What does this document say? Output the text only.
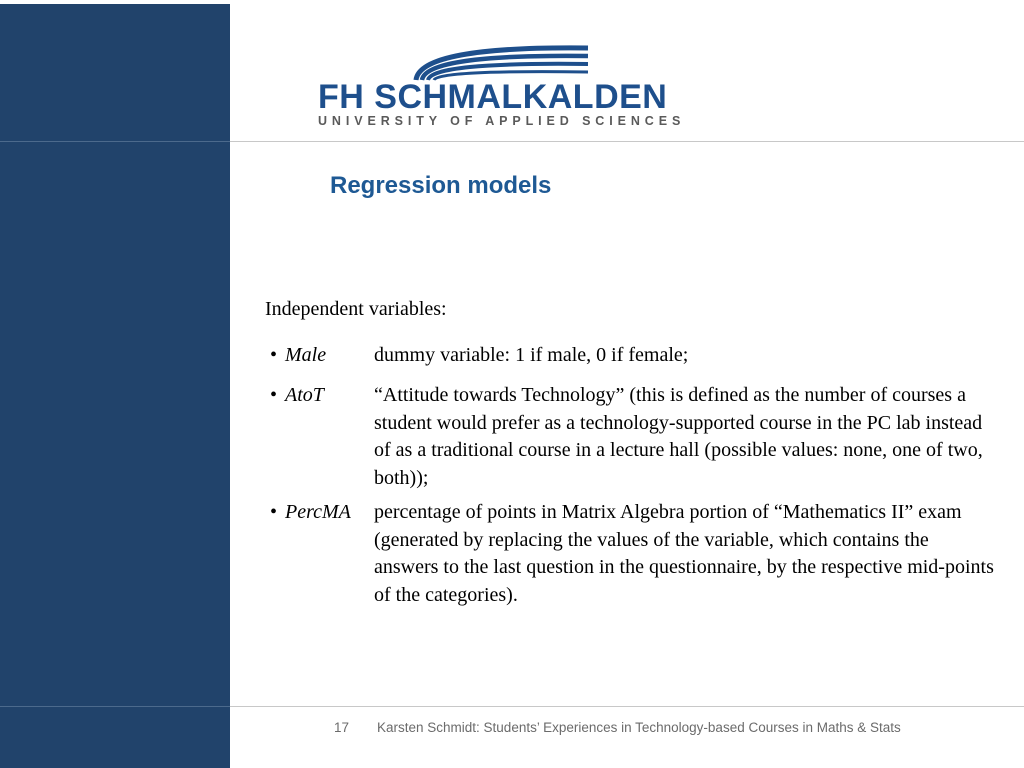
FH SCHMALKALDEN
UNIVERSITY OF APPLIED SCIENCES
Regression models
Independent variables:
• Male dummy variable: 1 if male, 0 if female;
• AtoT	“Attitude towards Technology” (this is defined as the number of courses a student would prefer as a technology-supported course in the PC lab instead of as a traditional course in a lecture hall (possible values: none, one of two, both));
• PercMA percentage of points in Matrix Algebra portion of “Mathematics II” exam (generated by replacing the values of the variable, which contains the answers to the last question in the questionnaire, by the respective mid-points of the categories).
17 Karsten Schmidt: Students’ Experiences in Technology-based Courses in Maths & Stats
